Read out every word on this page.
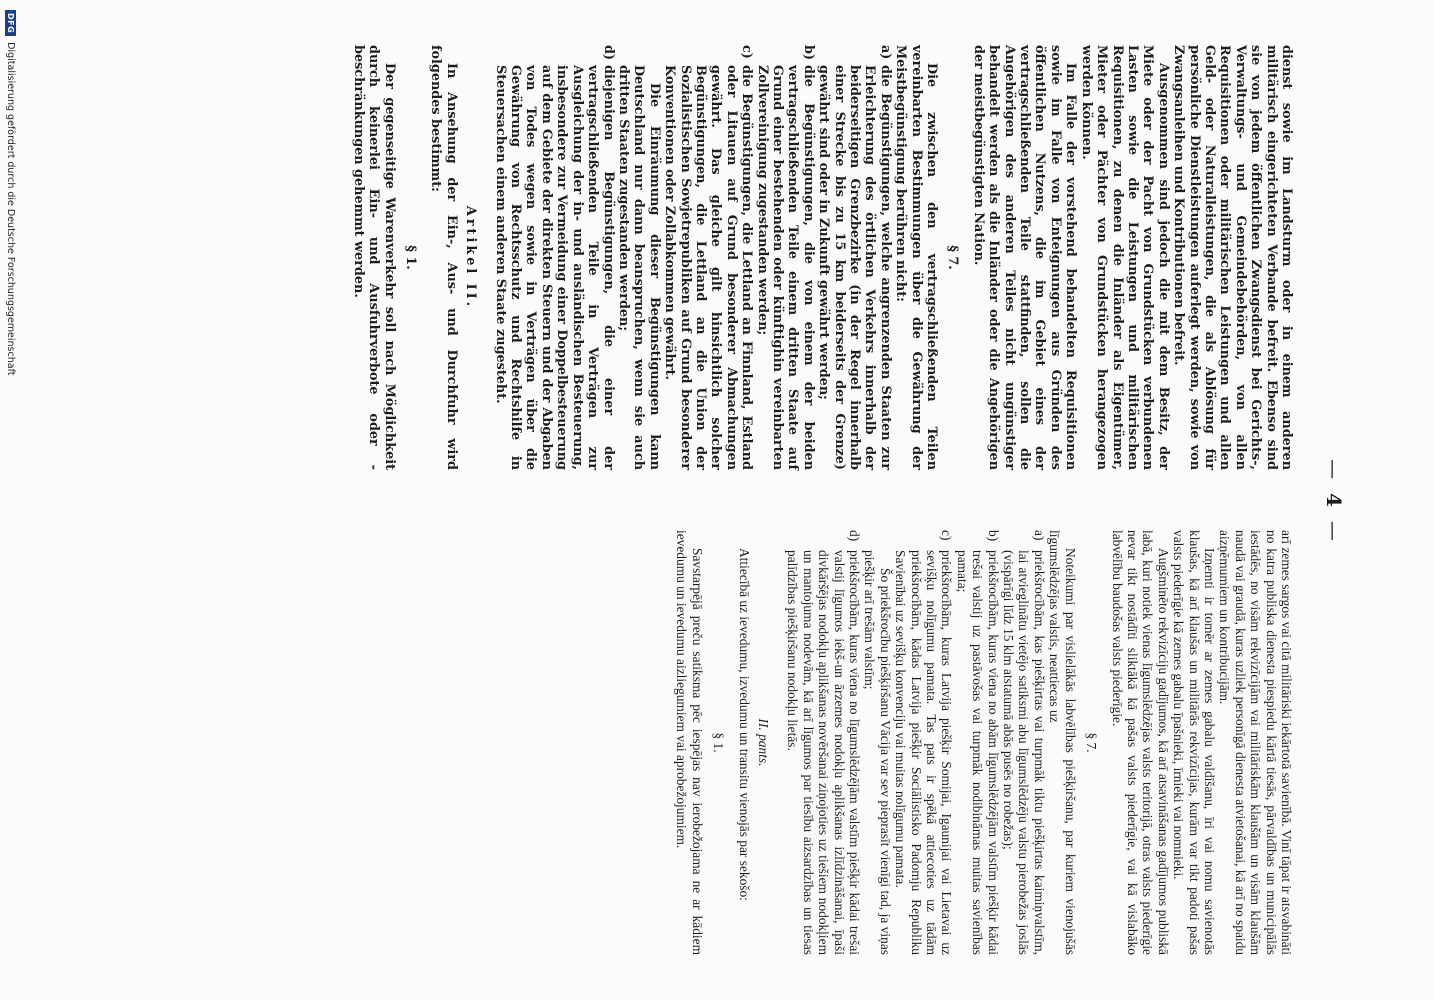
—4—

dienst sowie im Landsturm oder in einem anderen militärisch eingerichteten Verbande befreit. Ebenso sind sie von jedem öffentlichen Zwangsdienst bei Gerichts-, Verwaltungs- und Gemeindebehörden, von allen Requisitionen oder militärischen Leistungen und allen Geld- oder Naturalleistungen, die als Ablösung für persönliche Dienstleistungen auferlegt werden, sowie von Zwangsanleihen und Kontributionen befreit.

Ausgenommen sind jedoch die mit dem Besitz, der Miete oder der Pacht von Grundstücken verbundenen Lasten sowie die Leistungen und militärischen Requisitionen, zu denen die Inländer als Eigentümer, Mieter oder Pächter von Grundstücken herangezogen werden können.

Im Falle der vorstehend behandelten Requisitionen sowie im Falle von Enteignungen aus Gründen des öffentlichen Nutzens, die im Gebiet eines der vertragschließenden Teile stattfinden, sollen die Angehörigen des anderen Teiles nicht ungünstiger behandelt werden als die Inländer oder die Angehörigen der meistbegünstigten Nation.

§ 7.

Die zwischen den vertragschließenden Teilen vereinbarten Bestimmungen über die Gewährung der Meistbegünstigung berühren nicht:

a)
die Begünstigungen, welche angrenzenden Staaten zur Erleichterung des örtlichen Verkehrs innerhalb der beiderseitigen Grenzbezirke (in der Regel innerhalb einer Strecke bis zu 15 km beiderseits der Grenze) gewährt sind oder in Zukunft gewährt werden;
b)
die Begünstigungen, die von einem der beiden vertragschließenden Teile einem dritten Staate auf Grund einer bestehenden oder künftighin vereinbarten Zollvereinigung zugestanden werden;
c)
die Begünstigungen, die Lettland an Finnland, Estland oder Litauen auf Grund besonderer Abmachungen gewährt. Das gleiche gilt hinsichtlich solcher Begünstigungen, die Lettland an die Union der Sozialistischen Sowjetrepubliken auf Grund besonderer Konventionen oder Zollabkommen gewährt.

Die Einräumung dieser Begünstigungen kann Deutschland nur dann beanspruchen, wenn sie auch dritten Staaten zugestanden werden;

d)
diejenigen Begünstigungen, die einer der vertragschließenden Teile in Verträgen zur Ausgleichung der in- und ausländischen Besteuerung, insbesondere zur Vermeidung einer Doppelbesteuerung auf dem Gebiete der direkten Steuern und der Abgaben von Todes wegen sowie in Verträgen über die Gewährung von Rechtsschutz und Rechtshilfe in Steuersachen einem anderen Staate zugesteht.

Artikel II.

In Ansehung der Ein-, Aus- und Durchfuhr wird folgendes bestimmt:

§ 1.

Der gegenseitige Warenverkehr soll nach Möglichkeit durch keinerlei Ein- und Ausfuhrverbote oder -beschränkungen gehemmt werden.

arī zemes sargos vai citā militāriski iekārtotā savienībā. Vinī tāpat ir atsvabināti no katra publiska dienesta piespiedu kārtā tiesās, pārvaldības un municipālās iestādēs, no visām rekvizīcijām vai militāriskām klaušām un visām klaušām naudā vai graudā, kuras uzliek personīgā dienesta atvietošanai, kā arī no spaidu aizņēmumiem un kontribucijām.

Izņemti ir tomēr ar zemes gabalu valdīšanu, īri vai nomu savienotās klaušas, kā arī klaušas un militārās rekvizīcijas, kurām var tikt padoti pašas valsts piederīgie kā zemes gabalu īpašnieki, īrnieki vai nomnieki.

Augšminēto rekvizīciju gadījumos, kā arī atsavināšanas gadījumos publiskā labā, kuri notiek vienas līgumslēdzējas valsts teritorijā, otras valsts piederīgie nevar tikt nostādīti sliktākā kā pašas valsts piederīgie, vai kā vislabāko labvēlību baudošas valsts piederīgie.

§ 7.

Noteikumi par vislielākās labvēlības piešķiršanu, par kuriem vienojušās līgumslēdzējas valstis, neattiecas uz

a)
priekšrocībām, kas piešķirtas vai turpmāk tiktu piešķirtas kaimiņvalstīm, lai atvieglinātu vietējo satiksmi abu līgumslēdzēju valstu pierobežas joslās (vispārīgi līdz 15 klm atstatumā abās pusēs no robežas);
b)
priekšrocībām, kuras viena no abām līgumslēdzējām valstīm piešķir kādai trešai valstij uz pastāvošas vai turpmāk nodibināmas muitas savienības pamata;
c)
priekšrocībām, kuras Latvija piešķir Somijai, Igaunijai vai Lietavai uz sevišķu nolīgumu pamata. Tas pats ir spēkā attiecoties uz tādām priekšrocībām, kādas Latvija piešķir Sociālistisko Padomju Republiku Savienībai uz sevišķu konvenciju vai muitas nolīgumu pamata.

Šo priekšrocību piešķiršanu Vācija var sev pieprasīt vienīgi tad, ja viņas piešķir arī trešām valstīm;

d)
priekšrocībām, kuras viena no līgumslēdzējām valstīm piešķir kādai trešai valstij līgumos iekš-un ārzemes nodokļu aplikšanas izlīdzināšanai, īpaši divkāršējas nodokļu aplikšanas novēršanai ziņojoties uz tiešiem nodokļiem un mantojuma nodevām, kā arī līgumos par tiesību aizsardzības un tiesas palīdzības piešķiršanu nodokļu lietās.

II. pants.

Attiecībā uz ievedumu, izvedumu un transitu vienojās par sekošo:

§ 1.

Savstarpējā preču satiksma pēc iespējas nav ierobežojama ne ar kādiem ievedumu un ievedumu aizliegumiem vai aprobežojumiem.

DFG
Digitalisierung gefördert durch die Deutsche Forschungsgemeinschaft
